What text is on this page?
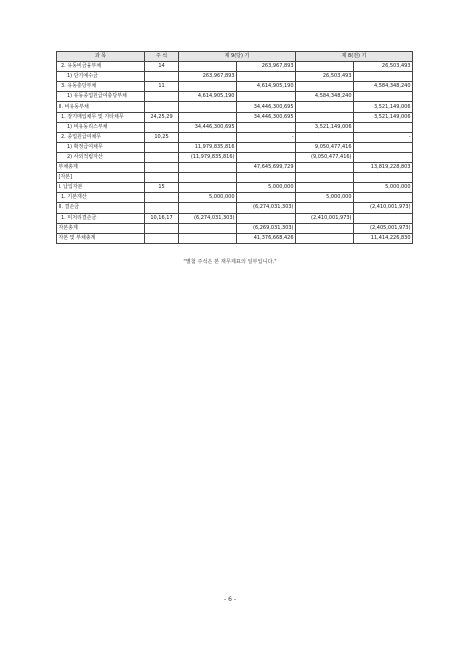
과 목	주 석	제 9(당) 기		제 8(전) 기	
2. 유동비금융부채	14		263,967,893		26,503,493
1) 단기예수금		263,967,893		26,503,493	
3. 유동충당부채	11		4,614,905,190		4,584,348,240
1) 유동종업원급여충당부채		4,614,905,190		4,584,348,240	
II. 비유동부채			34,446,300,695		3,521,149,006
1. 장기매입채무 및 기타채무	24,25,29		34,446,300,695		3,521,149,006
1) 비유동리스부채		34,446,300,695		3,521,149,006	
2. 종업원급여채무	10,25		-		-
1) 확정급여채무		11,979,835,816		9,050,477,416	
2) 사외적립자산		(11,979,835,816)		(9,050,477,416)	
부채총계			47,645,699,729		13,819,228,803
[자본]					
I. 납입자본	15		5,000,000		5,000,000
1. 기본재산		5,000,000		5,000,000	
II. 결손금			(6,274,031,303)		(2,410,001,973)
1. 미처리결손금	10,16,17	(6,274,031,303)		(2,410,001,973)	
자본총계			(6,269,031,303)		(2,405,001,973)
자본 및 부채총계			41,376,668,426		11,414,226,830
"별첨 주석은 본 재무제표의 일부입니다."
- 6 -
